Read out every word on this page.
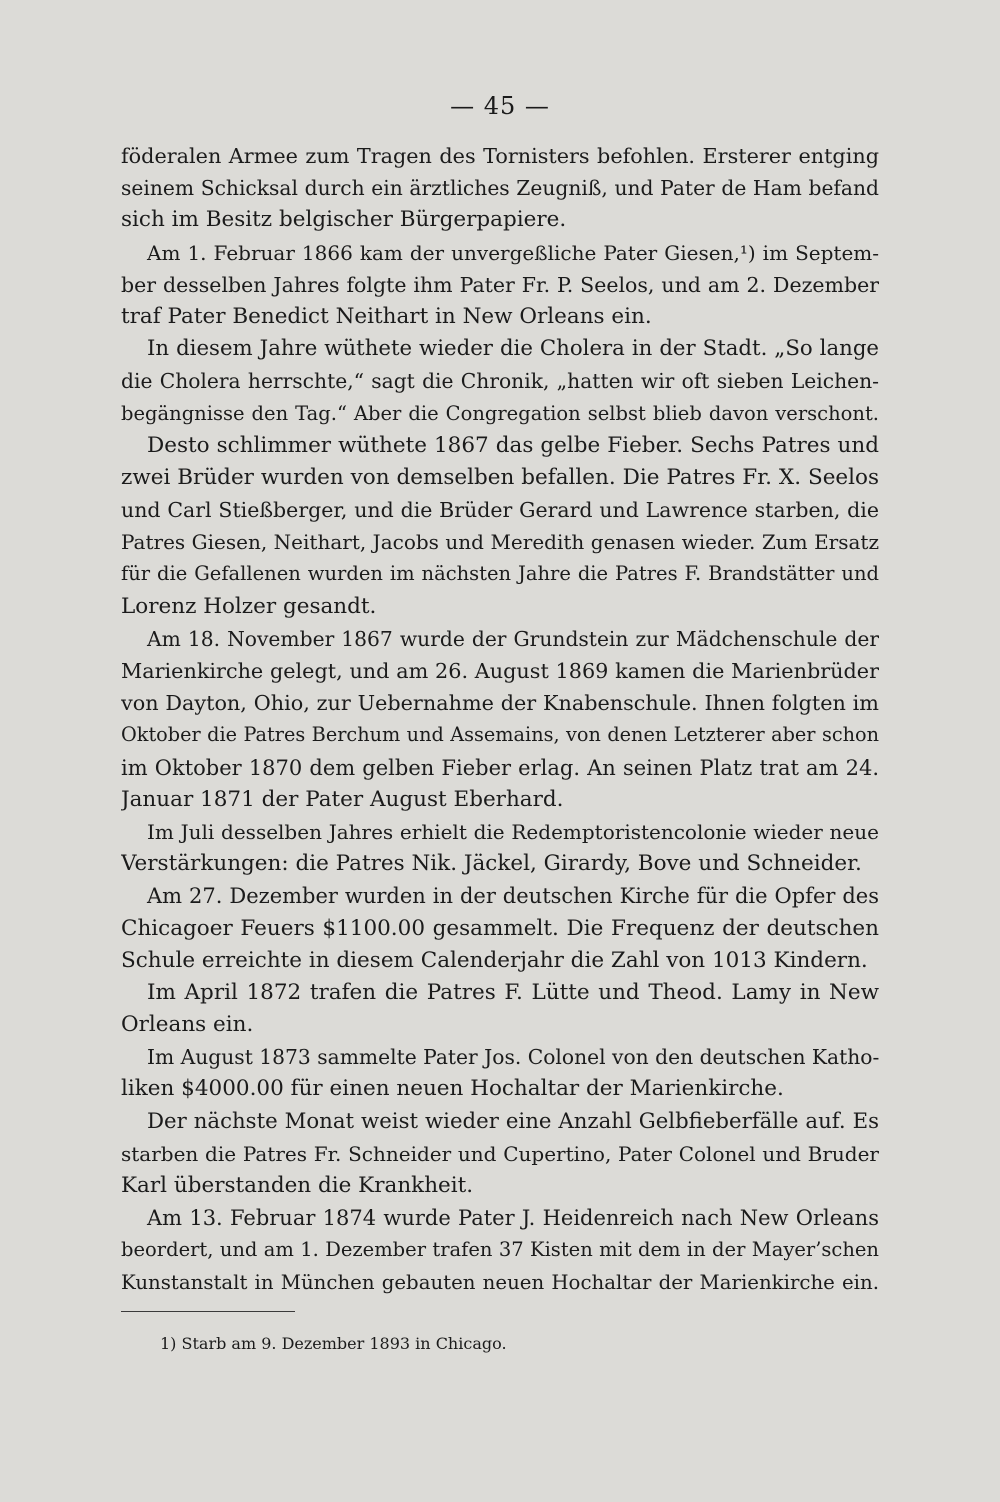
— 45 —
föderalen Armee zum Tragen des Tornisters befohlen. Ersterer entging
seinem Schicksal durch ein ärztliches Zeugniß, und Pater de Ham befand
sich im Besitz belgischer Bürgerpapiere.
Am 1. Februar 1866 kam der unvergeßliche Pater Giesen,¹) im Septem-
ber desselben Jahres folgte ihm Pater Fr. P. Seelos, und am 2. Dezember
traf Pater Benedict Neithart in New Orleans ein.
In diesem Jahre wüthete wieder die Cholera in der Stadt. „So lange
die Cholera herrschte,“ sagt die Chronik, „hatten wir oft sieben Leichen-
begängnisse den Tag.“ Aber die Congregation selbst blieb davon verschont.
Desto schlimmer wüthete 1867 das gelbe Fieber. Sechs Patres und
zwei Brüder wurden von demselben befallen. Die Patres Fr. X. Seelos
und Carl Stießberger, und die Brüder Gerard und Lawrence starben, die
Patres Giesen, Neithart, Jacobs und Meredith genasen wieder. Zum Ersatz
für die Gefallenen wurden im nächsten Jahre die Patres F. Brandstätter und
Lorenz Holzer gesandt.
Am 18. November 1867 wurde der Grundstein zur Mädchenschule der
Marienkirche gelegt, und am 26. August 1869 kamen die Marienbrüder
von Dayton, Ohio, zur Uebernahme der Knabenschule. Ihnen folgten im
Oktober die Patres Berchum und Assemains, von denen Letzterer aber schon
im Oktober 1870 dem gelben Fieber erlag. An seinen Platz trat am 24.
Januar 1871 der Pater August Eberhard.
Im Juli desselben Jahres erhielt die Redemptoristencolonie wieder neue
Verstärkungen: die Patres Nik. Jäckel, Girardy, Bove und Schneider.
Am 27. Dezember wurden in der deutschen Kirche für die Opfer des
Chicagoer Feuers $1100.00 gesammelt. Die Frequenz der deutschen
Schule erreichte in diesem Calenderjahr die Zahl von 1013 Kindern.
Im April 1872 trafen die Patres F. Lütte und Theod. Lamy in New
Orleans ein.
Im August 1873 sammelte Pater Jos. Colonel von den deutschen Katho-
liken $4000.00 für einen neuen Hochaltar der Marienkirche.
Der nächste Monat weist wieder eine Anzahl Gelbfieberfälle auf. Es
starben die Patres Fr. Schneider und Cupertino, Pater Colonel und Bruder
Karl überstanden die Krankheit.
Am 13. Februar 1874 wurde Pater J. Heidenreich nach New Orleans
beordert, und am 1. Dezember trafen 37 Kisten mit dem in der Mayer’schen
Kunstanstalt in München gebauten neuen Hochaltar der Marienkirche ein.
1) Starb am 9. Dezember 1893 in Chicago.
